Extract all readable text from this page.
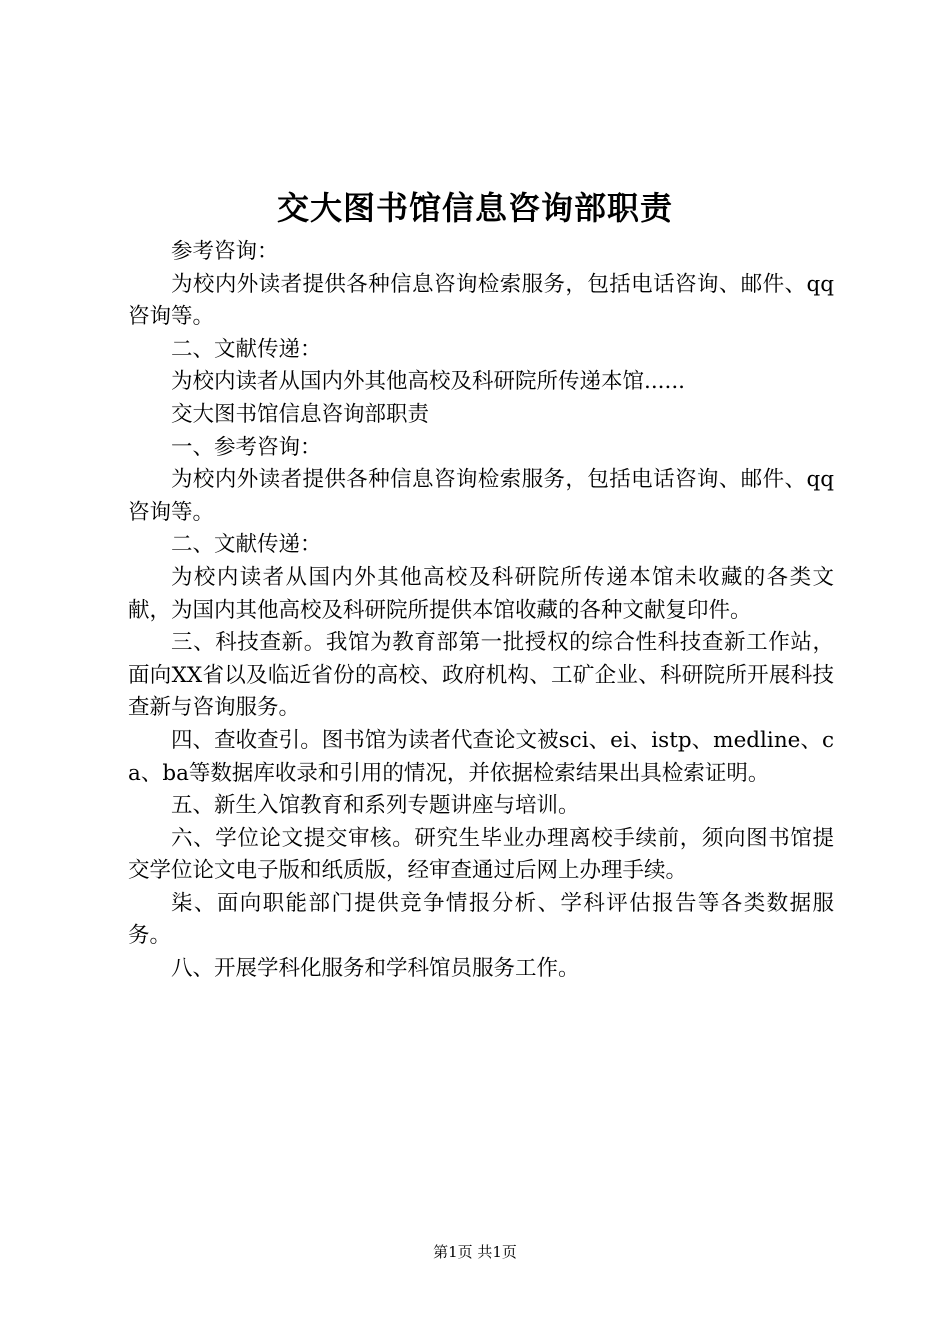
交大图书馆信息咨询部职责

参考咨询：

为校内外读者提供各种信息咨询检索服务，包括电话咨询、邮件、qq咨询等。

二、文献传递：

为校内读者从国内外其他高校及科研院所传递本馆......

交大图书馆信息咨询部职责

一、参考咨询：

为校内外读者提供各种信息咨询检索服务，包括电话咨询、邮件、qq咨询等。

二、文献传递：

为校内读者从国内外其他高校及科研院所传递本馆未收藏的各类文献，为国内其他高校及科研院所提供本馆收藏的各种文献复印件。

三、科技查新。我馆为教育部第一批授权的综合性科技查新工作站，面向XX省以及临近省份的高校、政府机构、工矿企业、科研院所开展科技查新与咨询服务。

四、查收查引。图书馆为读者代查论文被sci、ei、istp、medline、ca、ba等数据库收录和引用的情况，并依据检索结果出具检索证明。

五、新生入馆教育和系列专题讲座与培训。

六、学位论文提交审核。研究生毕业办理离校手续前，须向图书馆提交学位论文电子版和纸质版，经审查通过后网上办理手续。

柒、面向职能部门提供竞争情报分析、学科评估报告等各类数据服务。

八、开展学科化服务和学科馆员服务工作。

第1页 共1页
